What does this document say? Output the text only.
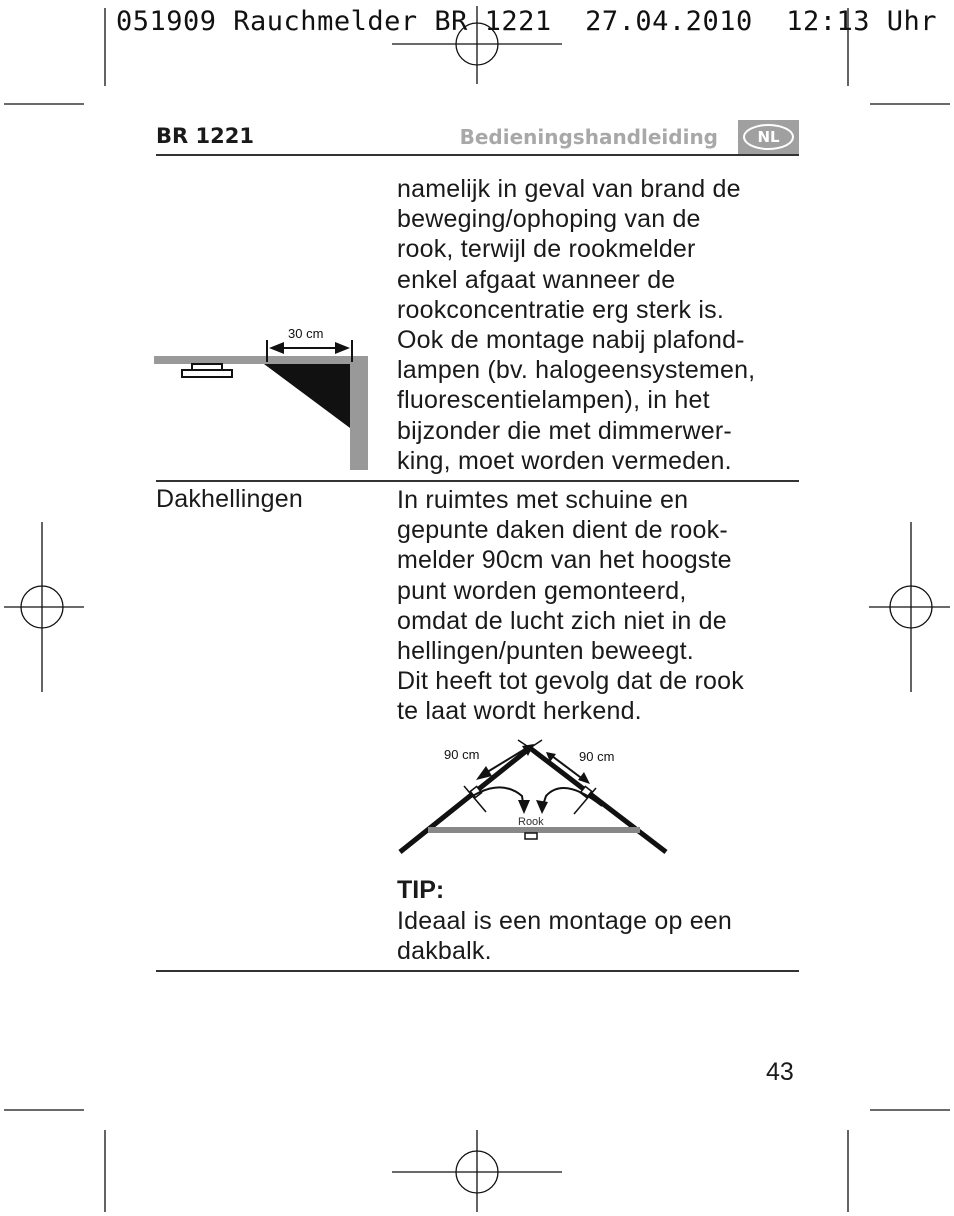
051909 Rauchmelder BR 1221  27.04.2010  12:13 Uhr
BR 1221	Bedieningshandleiding	NL
namelijk in geval van brand de
beweging/ophoping van de
rook, terwijl de rookmelder
enkel afgaat wanneer de
rookconcentratie erg sterk is.
Ook de montage nabij plafond-
lampen (bv. halogeensystemen,
fluorescentielampen), in het
bijzonder die met dimmerwer-
king, moet worden vermeden.
30 cm
Dakhellingen	In ruimtes met schuine en
gepunte daken dient de rook-
melder 90cm van het hoogste
punt worden gemonteerd,
omdat de lucht zich niet in de
hellingen/punten beweegt.
Dit heeft tot gevolg dat de rook
te laat wordt herkend.
90 cm	90 cm
Rook
TIP:
Ideaal is een montage op een
dakbalk.
43
